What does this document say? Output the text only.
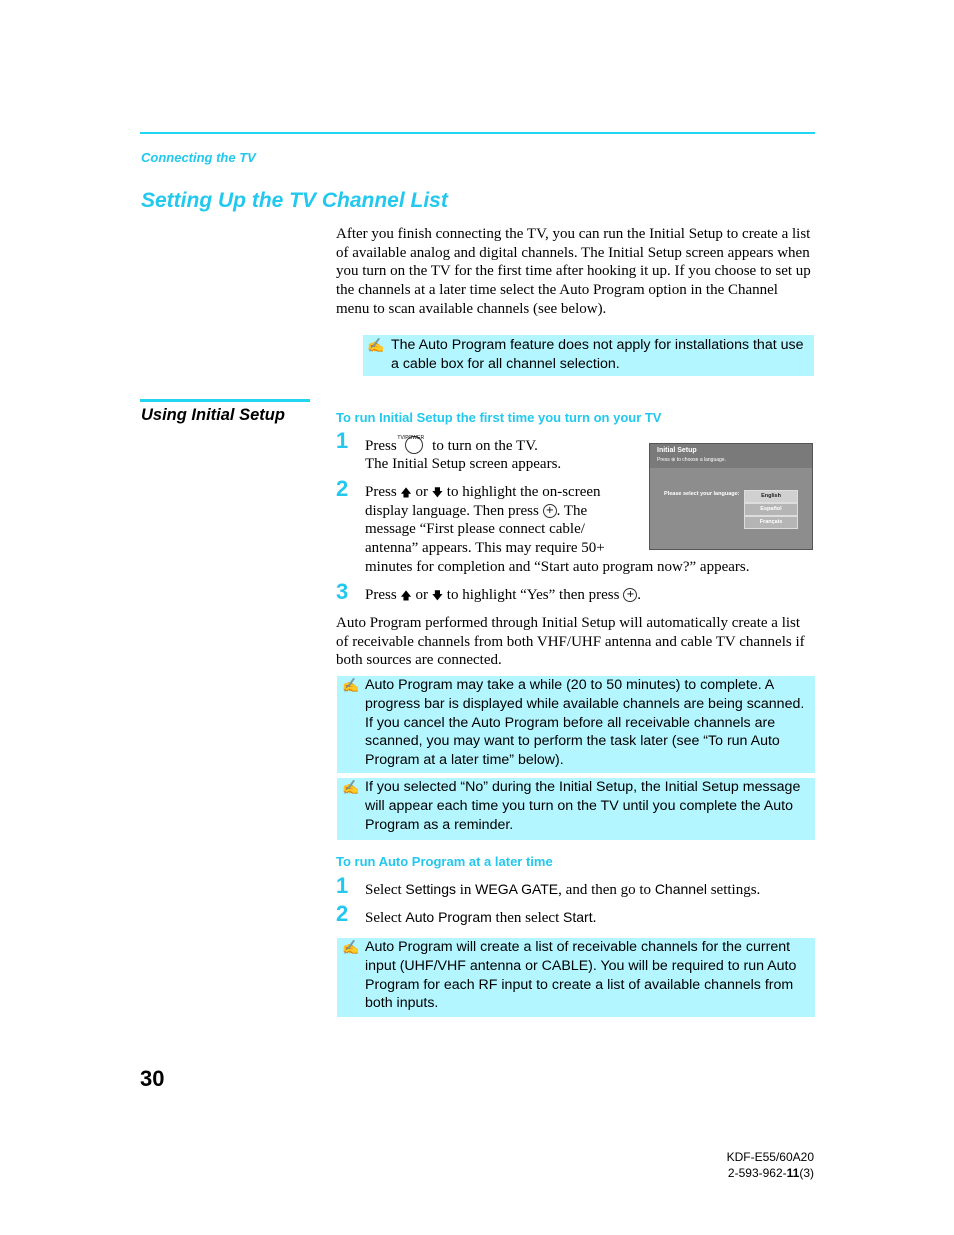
Connecting the TV
Setting Up the TV Channel List
After you finish connecting the TV, you can run the Initial Setup to create a list of available analog and digital channels. The Initial Setup screen appears when you turn on the TV for the first time after hooking it up. If you choose to set up the channels at a later time select the Auto Program option in the Channel menu to scan available channels (see below).
✍ The Auto Program feature does not apply for installations that use a cable box for all channel selection.
Using Initial Setup	To run Initial Setup the first time you turn on your TV
1 Press TV/POWER to turn on the TV.
The Initial Setup screen appears.
2 Press 🡅 or 🡇 to highlight the on-screen
display language. Then press + . The
message “First please connect cable/
antenna” appears. This may require 50+
minutes for completion and “Start auto program now?” appears.
Initial Setup
Press ⊕ to choose a language.
Please select your language:	English
Español
Français
3 Press 🡅 or 🡇 to highlight “Yes” then press + .
Auto Program performed through Initial Setup will automatically create a list of receivable channels from both VHF/UHF antenna and cable TV channels if both sources are connected.
✍ Auto Program may take a while (20 to 50 minutes) to complete. A progress bar is displayed while available channels are being scanned. If you cancel the Auto Program before all receivable channels are scanned, you may want to perform the task later (see “To run Auto Program at a later time” below).
✍ If you selected “No” during the Initial Setup, the Initial Setup message will appear each time you turn on the TV until you complete the Auto Program as a reminder.
To run Auto Program at a later time
1 Select Settings in WEGA GATE, and then go to Channel settings.
2 Select Auto Program then select Start.
✍ Auto Program will create a list of receivable channels for the current input (UHF/VHF antenna or CABLE). You will be required to run Auto Program for each RF input to create a list of available channels from both inputs.
30
KDF-E55/60A20
2-593-962-11(3)
